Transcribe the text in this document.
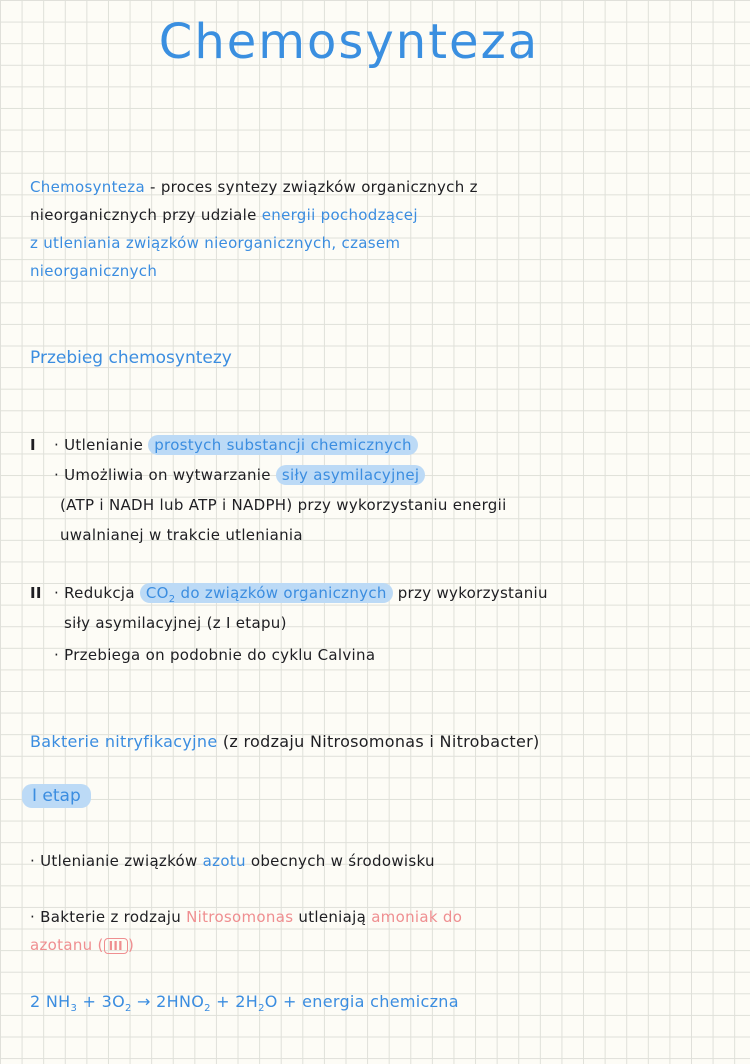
Chemosynteza
Chemosynteza - proces syntezy związków organicznych z
nieorganicznych przy udziale energii pochodzącej
z utleniania związków nieorganicznych, czasem
nieorganicznych
Przebieg chemosyntezy
I · Utlenianie prostych substancji chemicznych
· Umożliwia on wytwarzanie siły asymilacyjnej
(ATP i NADH lub ATP i NADPH) przy wykorzystaniu energii
uwalnianej w trakcie utleniania
II · Redukcja $CO_2$ do związków organicznych przy wykorzystaniu
siły asymilacyjnej (z I etapu)
· Przebiega on podobnie do cyklu Calvina
Bakterie nitryfikacyjne (z rodzaju Nitrosomonas i Nitrobacter)
I etap
· Utlenianie związków azotu obecnych w środowisku
· Bakterie z rodzaju Nitrosomonas utleniają amoniak do
azotanu ( III )
2 $NH_3 + 3O_2 \to 2HNO_2 + 2H_2O$ + energia chemiczna
